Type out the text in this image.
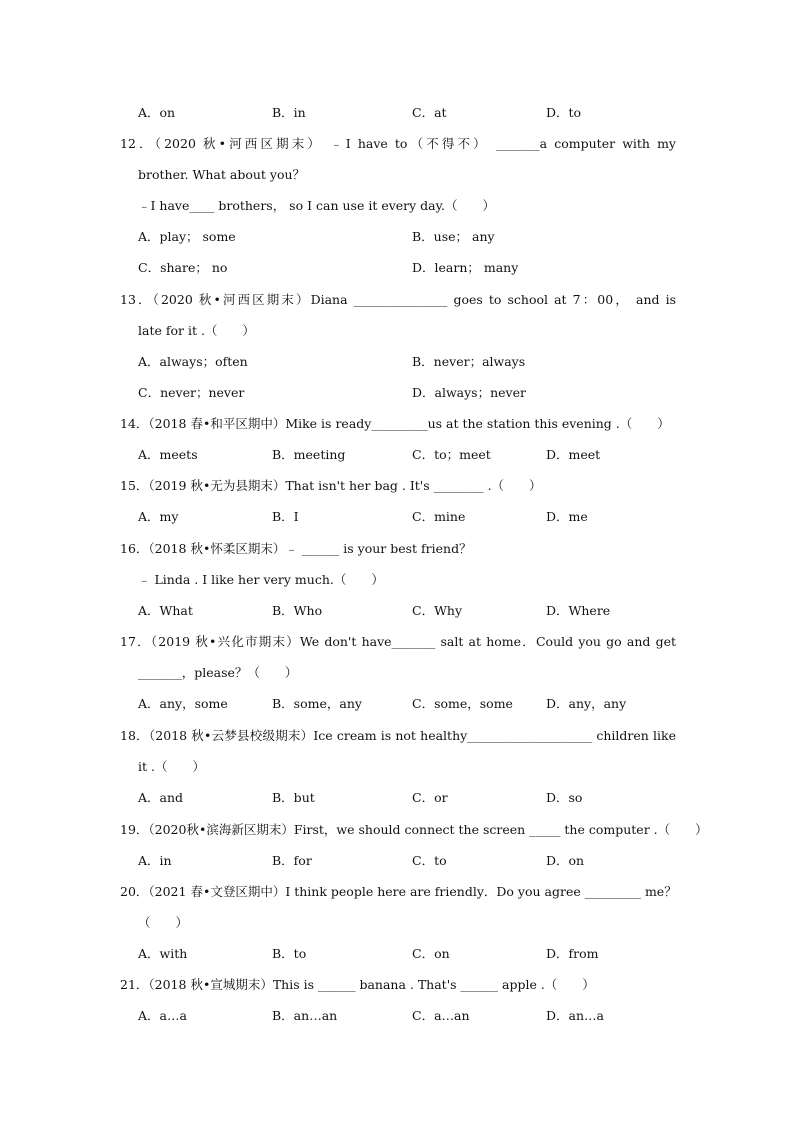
A．on	B．in	C．at	D．to
12．（2020 秋•河西区期末） ﹣I have to（不得不） _______a computer with my
brother. What about you？
﹣I have____ brothers， so I can use it every day.（　　）
A．play； some	B．use； any
C．share； no	D．learn； many
13．（2020 秋•河西区期末）Diana _______________ goes to school at 7：00， and is
late for it .（　　）
A．always；often	B．never；always
C．never；never	D．always；never
14．（2018 春•和平区期中）Mike is ready_________us at the station this evening .（　　）
A．meets	B．meeting	C．to；meet	D．meet
15．（2019 秋•无为县期末）That isn't her bag . It's ________ .（　　）
A．my	B．I	C．mine	D．me
16．（2018 秋•怀柔区期末）﹣ ______ is your best friend？
﹣ Linda . I like her very much.（　　）
A．What	B．Who	C．Why	D．Where
17．（2019 秋•兴化市期末）We don't have_______ salt at home．Could you go and get
_______，please？（　　）
A．any，some	B．some，any	C．some，some	D．any，any
18．（2018 秋•云梦县校级期末）Ice cream is not healthy____________________ children like
it .（　　）
A．and	B．but	C．or	D．so
19．（2020秋•滨海新区期末）First，we should connect the screen _____ the computer .（　　）
A．in	B．for	C．to	D．on
20．（2021 春•文登区期中）I think people here are friendly．Do you agree _________ me？
（　　）
A．with	B．to	C．on	D．from
21．（2018 秋•宣城期末）This is ______ banana . That's ______ apple .（　　）
A．a…a	B．an…an	C．a…an	D．an…a
